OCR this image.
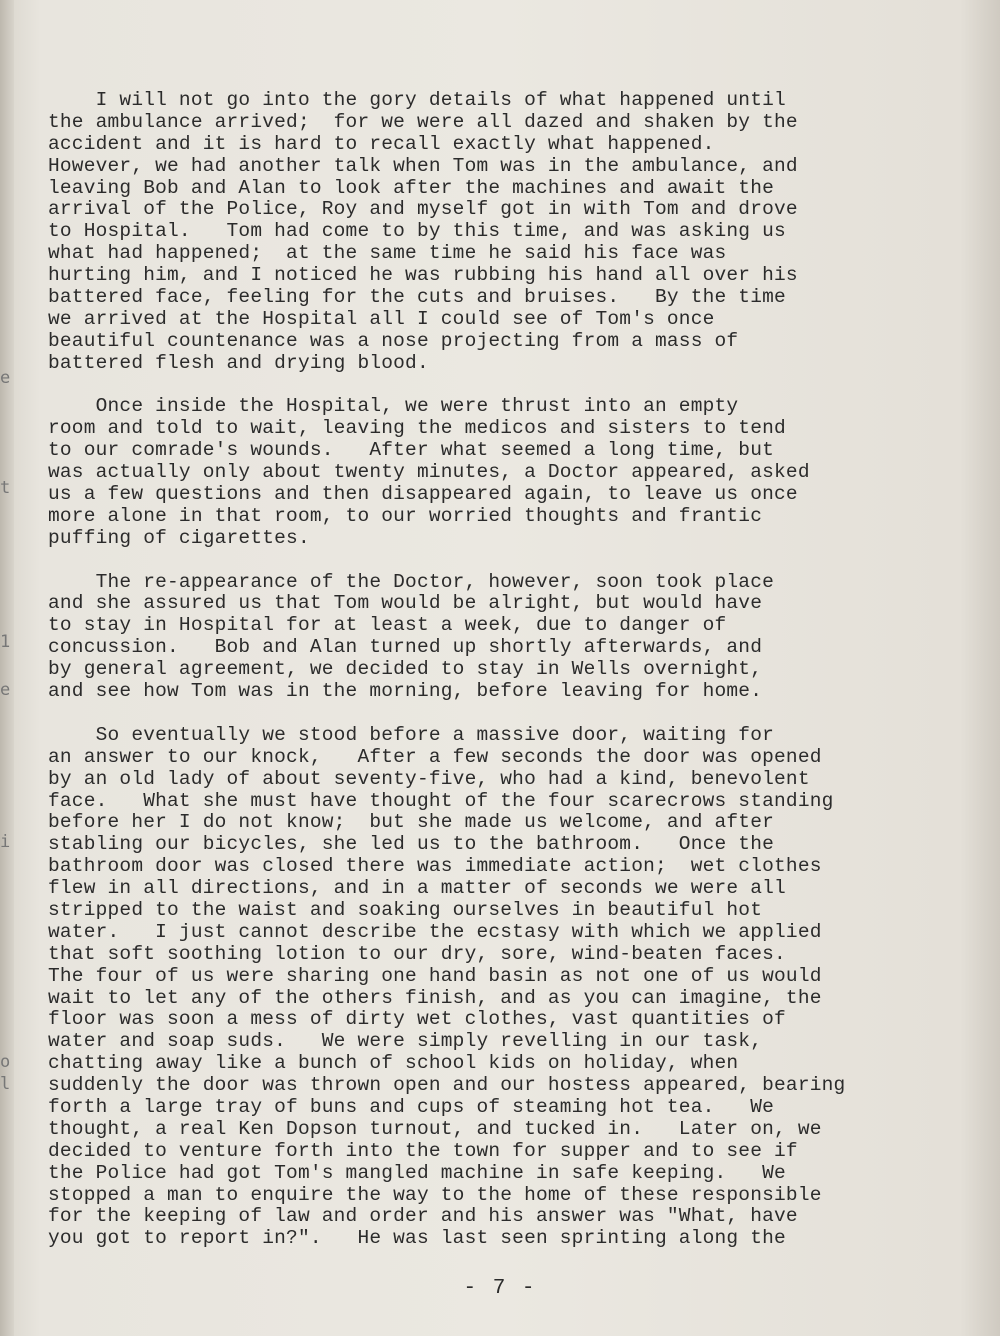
e
t
1
e
i
o
l
I will not go into the gory details of what happened until
the ambulance arrived;  for we were all dazed and shaken by the
accident and it is hard to recall exactly what happened.
However, we had another talk when Tom was in the ambulance, and
leaving Bob and Alan to look after the machines and await the
arrival of the Police, Roy and myself got in with Tom and drove
to Hospital.   Tom had come to by this time, and was asking us
what had happened;  at the same time he said his face was
hurting him, and I noticed he was rubbing his hand all over his
battered face, feeling for the cuts and bruises.   By the time
we arrived at the Hospital all I could see of Tom's once
beautiful countenance was a nose projecting from a mass of
battered flesh and drying blood.
Once inside the Hospital, we were thrust into an empty
room and told to wait, leaving the medicos and sisters to tend
to our comrade's wounds.   After what seemed a long time, but
was actually only about twenty minutes, a Doctor appeared, asked
us a few questions and then disappeared again, to leave us once
more alone in that room, to our worried thoughts and frantic
puffing of cigarettes.
The re-appearance of the Doctor, however, soon took place
and she assured us that Tom would be alright, but would have
to stay in Hospital for at least a week, due to danger of
concussion.   Bob and Alan turned up shortly afterwards, and
by general agreement, we decided to stay in Wells overnight,
and see how Tom was in the morning, before leaving for home.
So eventually we stood before a massive door, waiting for
an answer to our knock,   After a few seconds the door was opened
by an old lady of about seventy-five, who had a kind, benevolent
face.   What she must have thought of the four scarecrows standing
before her I do not know;  but she made us welcome, and after
stabling our bicycles, she led us to the bathroom.   Once the
bathroom door was closed there was immediate action;  wet clothes
flew in all directions, and in a matter of seconds we were all
stripped to the waist and soaking ourselves in beautiful hot
water.   I just cannot describe the ecstasy with which we applied
that soft soothing lotion to our dry, sore, wind-beaten faces.
The four of us were sharing one hand basin as not one of us would
wait to let any of the others finish, and as you can imagine, the
floor was soon a mess of dirty wet clothes, vast quantities of
water and soap suds.   We were simply revelling in our task,
chatting away like a bunch of school kids on holiday, when
suddenly the door was thrown open and our hostess appeared, bearing
forth a large tray of buns and cups of steaming hot tea.   We
thought, a real Ken Dopson turnout, and tucked in.   Later on, we
decided to venture forth into the town for supper and to see if
the Police had got Tom's mangled machine in safe keeping.   We
stopped a man to enquire the way to the home of these responsible
for the keeping of law and order and his answer was "What, have
you got to report in?".   He was last seen sprinting along the
- 7 -
